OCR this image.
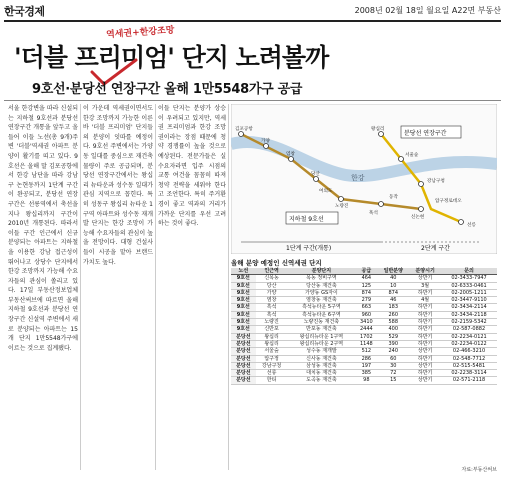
한국경제	2008년 02월 18일 월요일 A22면 부동산
역세권+한강조망
'더블 프리미엄' 단지 노려볼까
9호선·분당선 연장구간 올해 1만5548가구 공급

서울 한강변을 따라 신설되는 지하철 9호선과 분당선 연장구간 개통을 앞두고 올 들어 이들 노선(총 9개)주변 '더블'역세권 아파트 분양이 활기를 띠고 있다. 9호선은 올해 말 김포공항에서 한강 남단을 따라 강남구 논현동까지 1단계 구간이 완공되고, 분당선 연장구간은 선릉역에서 축선을 지나 왕십리까지 구간이 2010년 개통된다. 따라서 이들 구간 인근에서 신규 분양되는 아파트는 지하철을 이용한 강남 접근성이 뛰어나고 상당수 단지에서 한강 조망까지 가능해 수요자들의 관심이 쏠리고 있다. 17일 부동산정보업체 부동산써브에 따르면 올해 지하철 9호선과 분당선 연장구간 신설역 주변에서 새로 분양되는 아파트는 15개 단지 1만5548가구에 이르는 것으로 집계됐다.

이 가운데 역세권이면서도 한강 조망까지 가능한 이른바 '더블 프리미엄' 단지들의 분양이 잇따를 예정이다. 9호선 주변에서는 가양동 일대를 중심으로 재건축 물량이 주로 공급되며, 분당선 연장구간에서는 왕십리 뉴타운과 성수동 일대가 관심 지역으로 꼽힌다. 특히 성동구 왕십리 뉴타운 1구역 아파트와 성수동 재개발 단지는 한강 조망이 가능해 수요자들의 관심이 높을 전망이다. 대형 건설사들이 시공을 맡아 브랜드 가치도 높다.

이들 단지는 분양가 상승이 우려되고 있지만, 역세권 프리미엄과 한강 조망권이라는 장점 때문에 청약 경쟁률이 높을 것으로 예상된다. 전문가들은 실수요자라면 입주 시점의 교통 여건을 꼼꼼히 따져 청약 전략을 세워야 한다고 조언한다. 특히 주거환경이 좋고 역과의 거리가 가까운 단지를 우선 고려하는 것이 좋다.

한강
지하철 9호선
분당선 연장구간
1단계 구간(개통)	2단계 구간
김포공항
가양
염창
당산
여의도
노량진
흑석
동작
신논현
선릉
강남구청
왕십리
서울숲
압구정로데오
올해 분양 예정인 신역세권 단지
노선	인근역	분양단지	공급	일반분양	분양시기	문의
9호선	신목동	목동 정비구역	464	40	상반기	02-3433-7947
9호선	당산	당산동 재건축	125	10	3월	02-6333-0461
9호선	가양	가양동 GS자이	874	874	하반기	02-2005-1211
9호선	염창	염창동 재건축	279	46	4월	02-3447-9110
9호선	흑석	흑석뉴타운 5구역	663	183	하반기	02-3434-2114
9호선	흑석	흑석뉴타운 6구역	960	260	하반기	02-3434-2118
9호선	노량진	노량진동 재건축	3410	588	하반기	02-2159-5342
9호선	신반포	반포동 재건축	2444	400	하반기	02-587-0882
분당선	왕십리	왕십리뉴타운 1구역	1702	529	하반기	02-2234-0121
분당선	왕십리	왕십리뉴타운 2구역	1148	390	하반기	02-2234-0122
분당선	서울숲	성수동 재개발	512	240	상반기	02-466-3210
분당선	압구정	신사동 재건축	286	60	하반기	02-548-7712
분당선	강남구청	삼성동 재건축	197	30	상반기	02-515-5481
분당선	선릉	대치동 재건축	385	72	하반기	02-2238-3114
분당선	한티	도곡동 재건축	98	15	상반기	02-571-2118
자료:부동산써브
